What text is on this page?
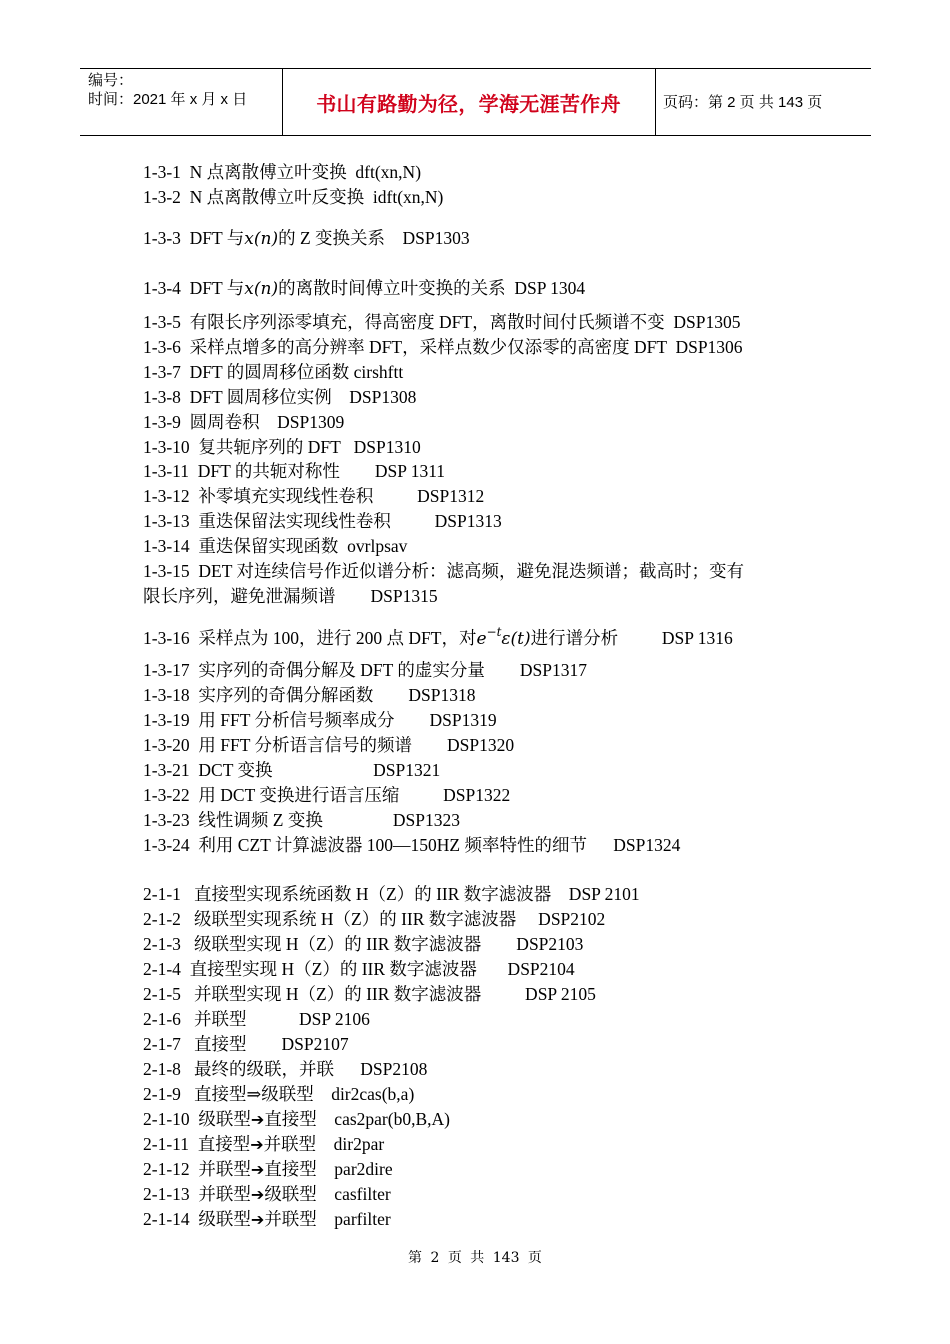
编号：
时间：2021 年 x 月 x 日	书山有路勤为径，学海无涯苦作舟	页码：第 2 页 共 143 页
1-3-1  N 点离散傅立叶变换  dft(xn,N)
1-3-2  N 点离散傅立叶反变换  idft(xn,N)
1-3-3  DFT 与x(n)的 Z 变换关系    DSP1303
1-3-4  DFT 与x(n)的离散时间傅立叶变换的关系  DSP 1304
1-3-5  有限长序列添零填充，得高密度 DFT，离散时间付氏频谱不变  DSP1305
1-3-6  采样点增多的高分辨率 DFT，采样点数少仅添零的高密度 DFT  DSP1306
1-3-7  DFT 的圆周移位函数 cirshftt
1-3-8  DFT 圆周移位实例    DSP1308
1-3-9  圆周卷积    DSP1309
1-3-10  复共轭序列的 DFT   DSP1310
1-3-11  DFT 的共轭对称性        DSP 1311
1-3-12  补零填充实现线性卷积          DSP1312
1-3-13  重迭保留法实现线性卷积          DSP1313
1-3-14  重迭保留实现函数  ovrlpsav
1-3-15  DET 对连续信号作近似谱分析：滤高频，避免混迭频谱；截高时；变有
限长序列，避免泄漏频谱        DSP1315
1-3-16  采样点为 100，进行 200 点 DFT，对$e^{-t}\varepsilon(t)$进行谱分析          DSP 1316
1-3-17  实序列的奇偶分解及 DFT 的虚实分量        DSP1317
1-3-18  实序列的奇偶分解函数        DSP1318
1-3-19  用 FFT 分析信号频率成分        DSP1319
1-3-20  用 FFT 分析语言信号的频谱        DSP1320
1-3-21  DCT 变换                       DSP1321
1-3-22  用 DCT 变换进行语言压缩          DSP1322
1-3-23  线性调频 Z 变换                DSP1323
1-3-24  利用 CZT 计算滤波器 100—150HZ 频率特性的细节      DSP1324
2-1-1   直接型实现系统函数 H（Z）的 IIR 数字滤波器    DSP 2101
2-1-2   级联型实现系统 H（Z）的 IIR 数字滤波器     DSP2102
2-1-3   级联型实现 H（Z）的 IIR 数字滤波器        DSP2103
2-1-4  直接型实现 H（Z）的 IIR 数字滤波器       DSP2104
2-1-5   并联型实现 H（Z）的 IIR 数字滤波器          DSP 2105
2-1-6   并联型            DSP 2106
2-1-7   直接型        DSP2107
2-1-8   最终的级联，并联      DSP2108
2-1-9   直接型⇒级联型    dir2cas(b,a)
2-1-10  级联型➔直接型    cas2par(b0,B,A)
2-1-11  直接型➔并联型    dir2par
2-1-12  并联型➔直接型    par2dire
2-1-13  并联型➔级联型    casfilter
2-1-14  级联型➔并联型    parfilter
第 2 页 共 143 页
